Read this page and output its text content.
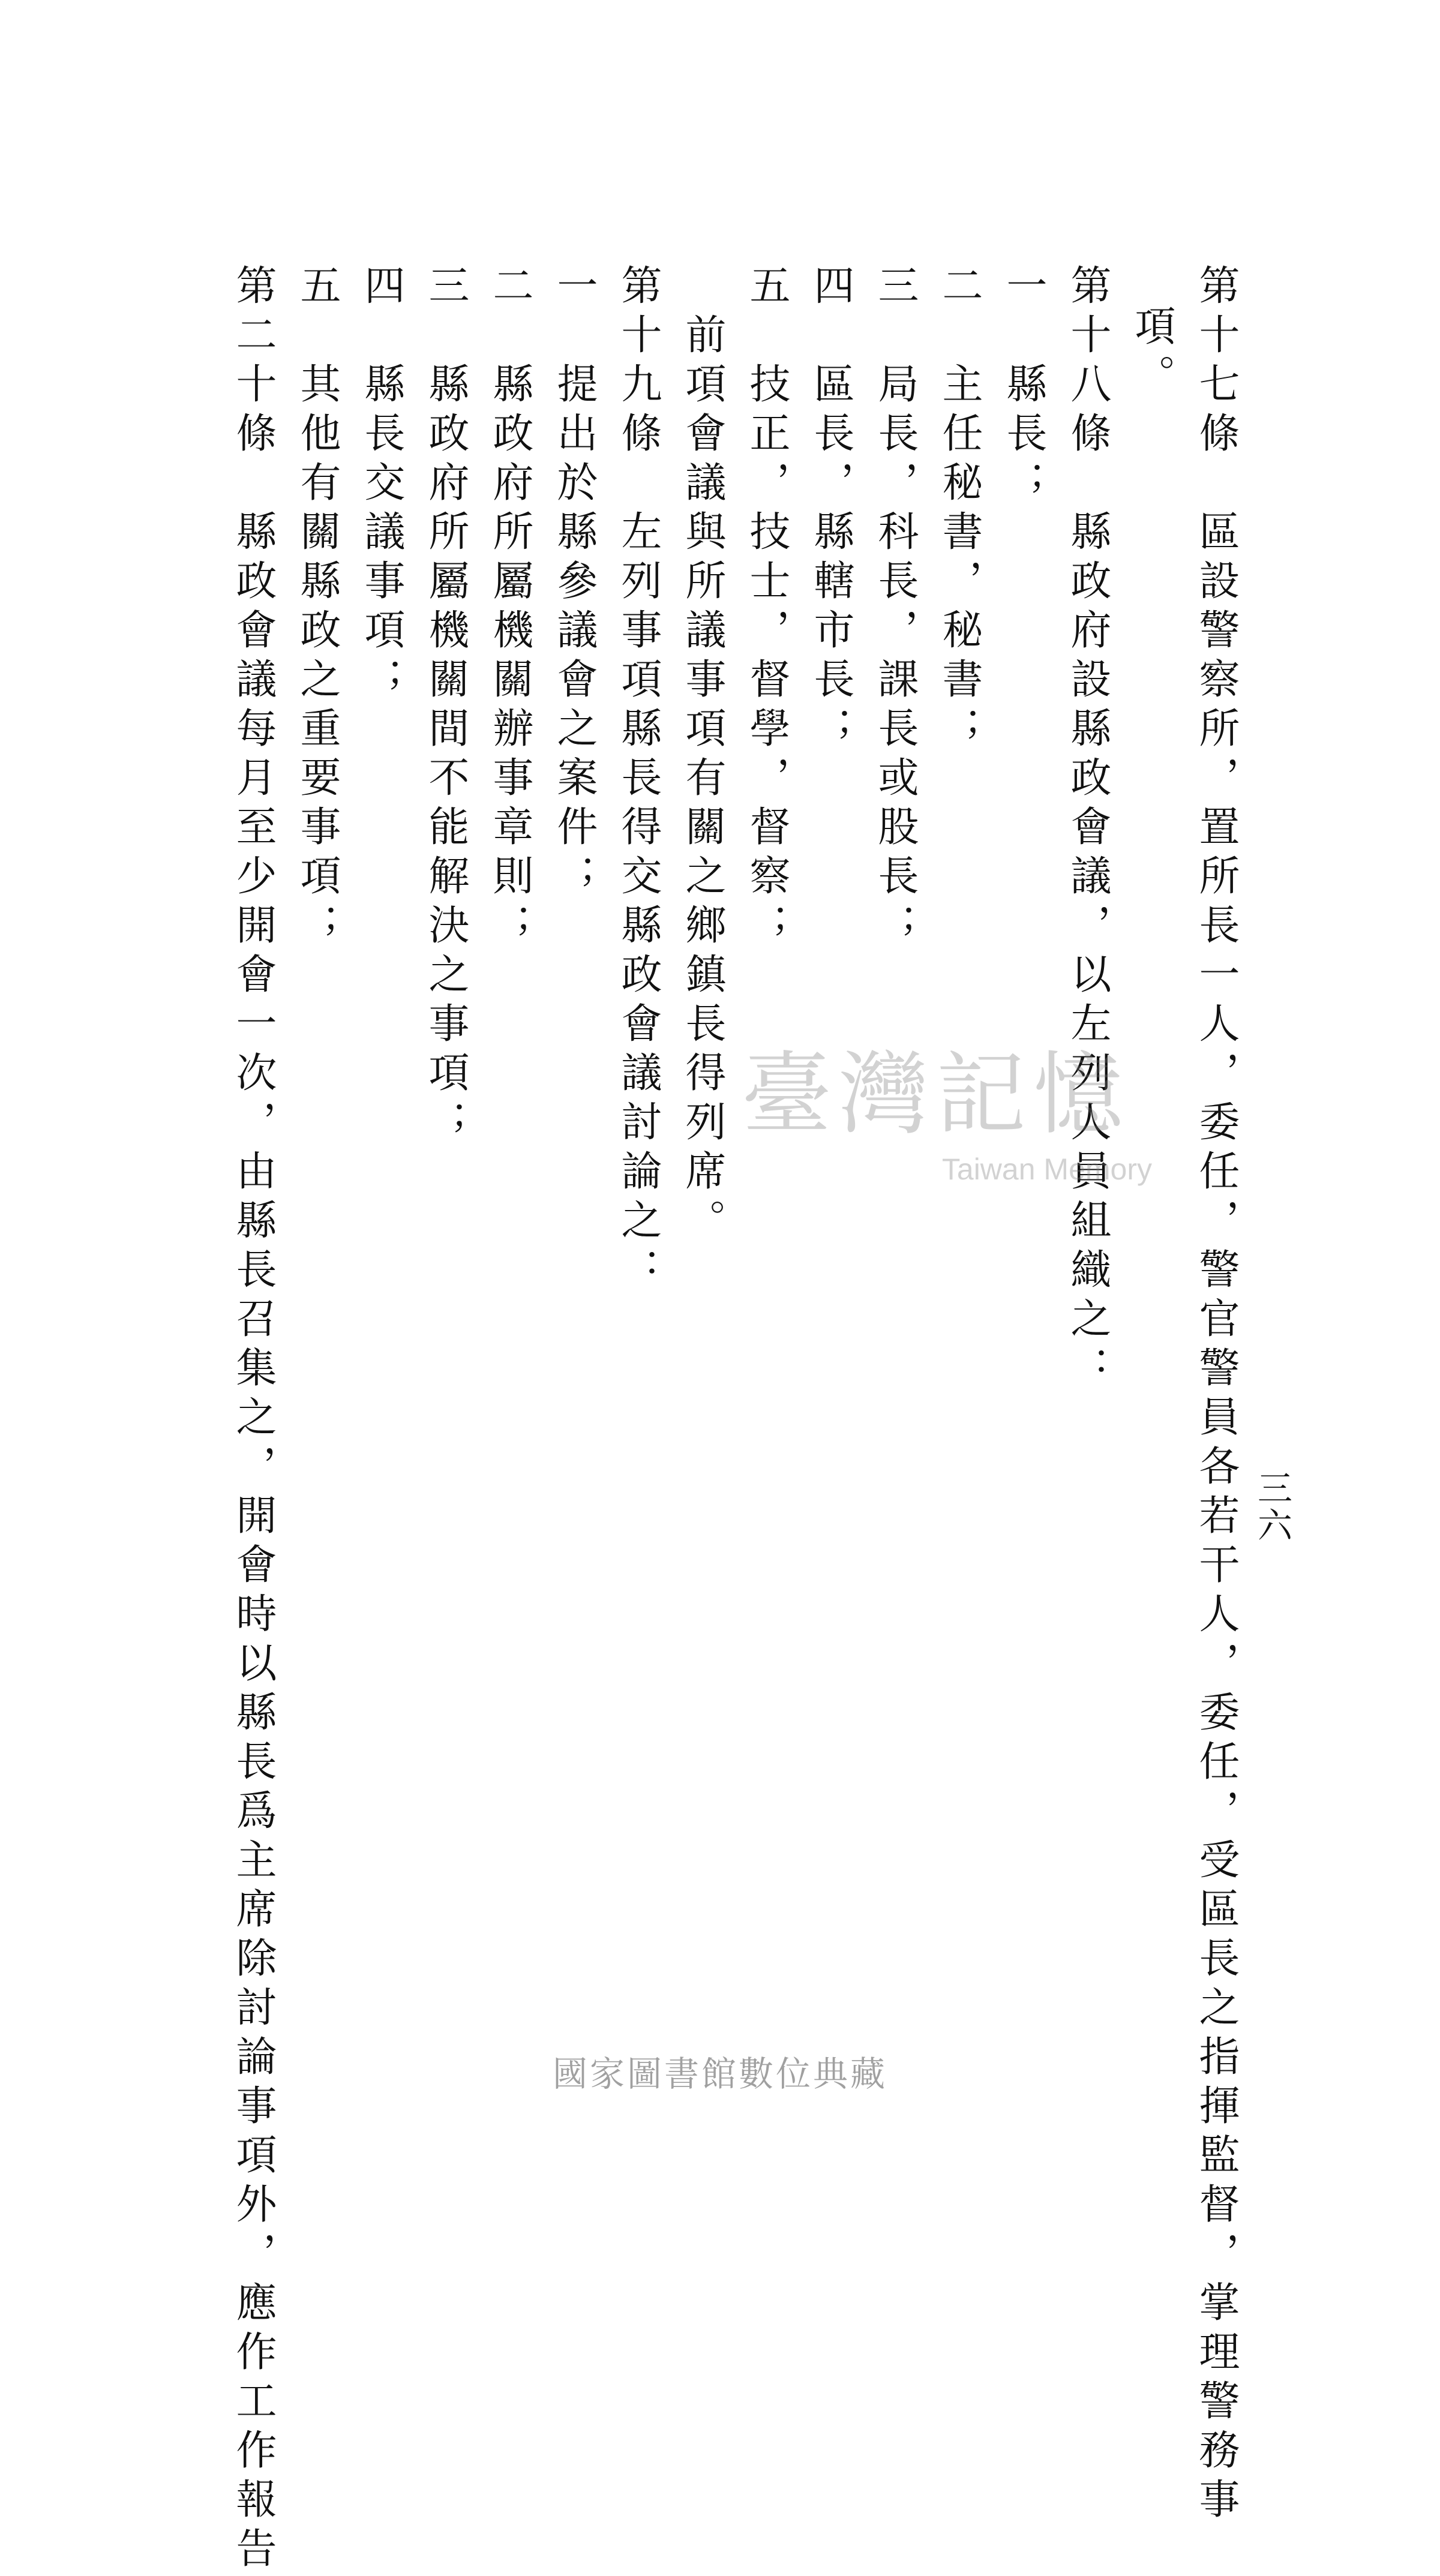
三六
第十七條　區設警察所，置所長一人，委任，警官警員各若干人，委任，受區長之指揮監督，掌理警務事
項。
第十八條　縣政府設縣政會議，以左列人員組織之：
一　縣長；
二　主任秘書，秘書；
三　局長，科長，課長或股長；
四　區長，縣轄市長；
五　技正，技士，督學，督察；
前項會議與所議事項有關之鄉鎮長得列席。
第十九條　左列事項縣長得交縣政會議討論之：
一　提出於縣參議會之案件；
二　縣政府所屬機關辦事章則；
三　縣政府所屬機關間不能解決之事項；
四　縣長交議事項；
五　其他有關縣政之重要事項；
第二十條　縣政會議每月至少開會一次，由縣長召集之，開會時以縣長爲主席除討論事項外，應作工作報告	臺灣記憶
Taiwan Memory
國家圖書館數位典藏
